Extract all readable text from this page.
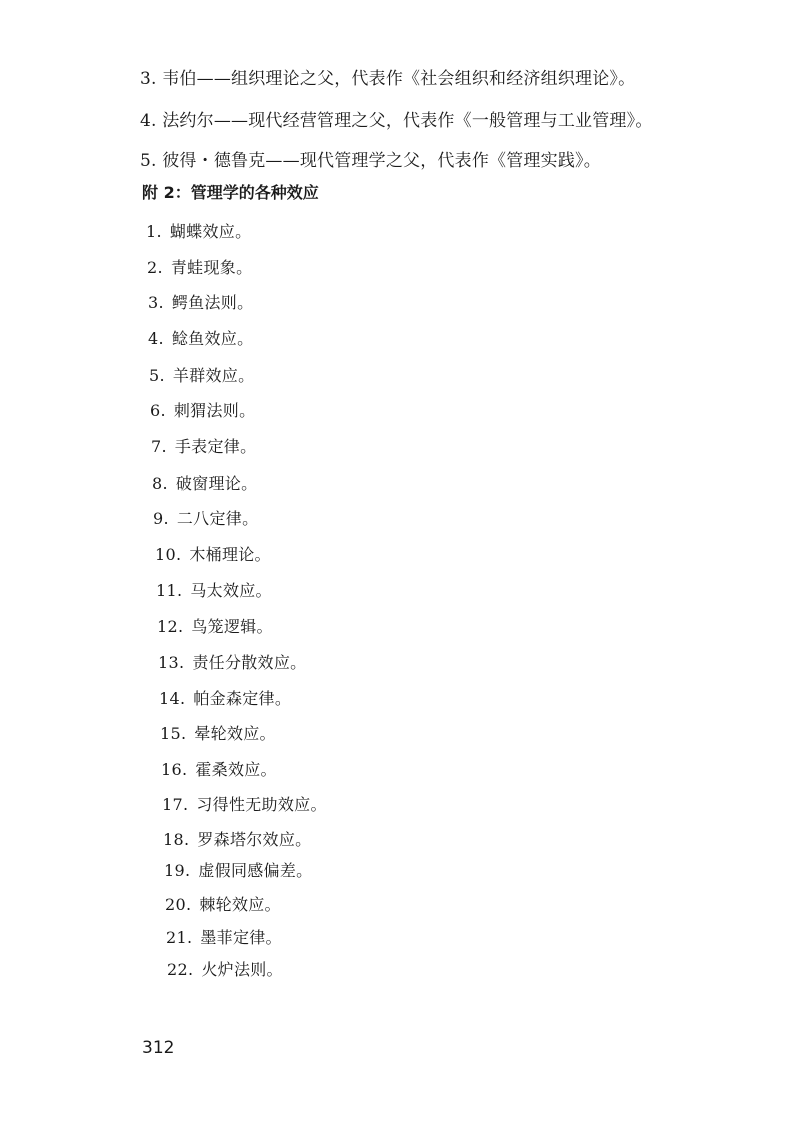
3. 韦伯——组织理论之父，代表作《社会组织和经济组织理论》。
4. 法约尔——现代经营管理之父，代表作《一般管理与工业管理》。
5. 彼得・德鲁克——现代管理学之父，代表作《管理实践》。
附 2：管理学的各种效应
1. 蝴蝶效应。
2. 青蛙现象。
3. 鳄鱼法则。
4. 鲶鱼效应。
5. 羊群效应。
6. 刺猬法则。
7. 手表定律。
8. 破窗理论。
9. 二八定律。
10. 木桶理论。
11. 马太效应。
12. 鸟笼逻辑。
13. 责任分散效应。
14. 帕金森定律。
15. 晕轮效应。
16. 霍桑效应。
17. 习得性无助效应。
18. 罗森塔尔效应。
19. 虚假同感偏差。
20. 棘轮效应。
21. 墨菲定律。
22. 火炉法则。
312
